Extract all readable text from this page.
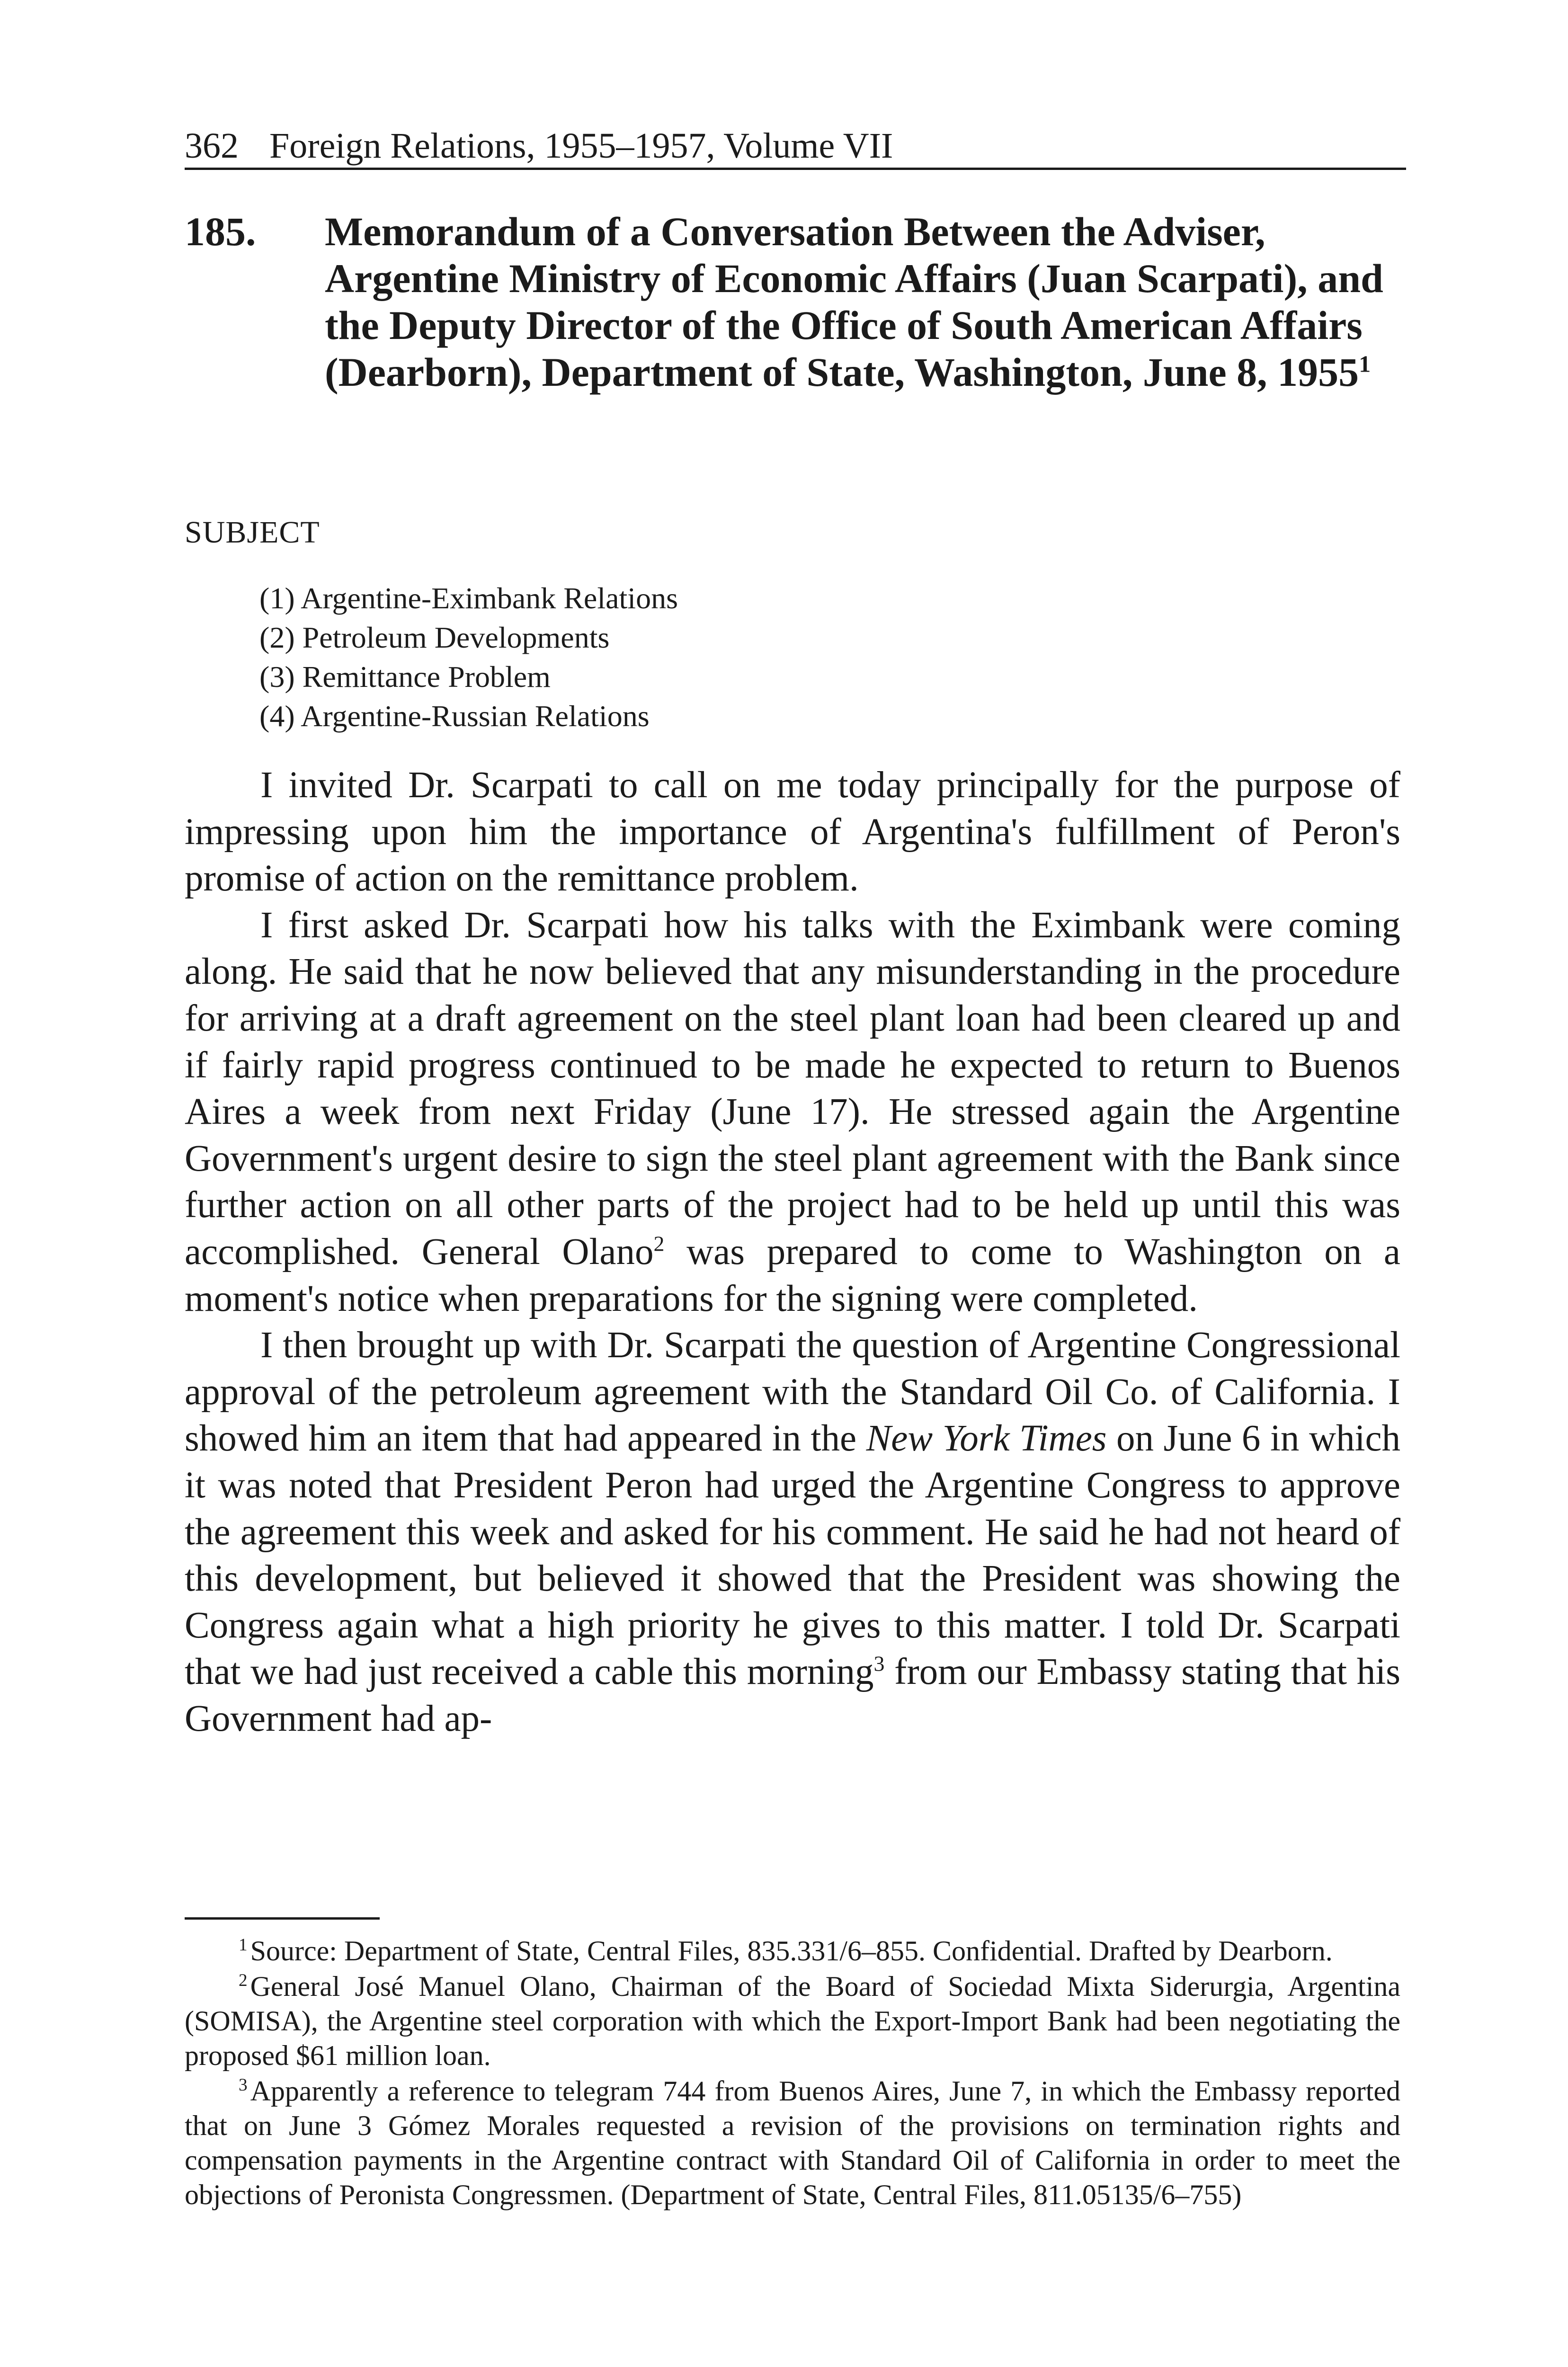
362 Foreign Relations, 1955–1957, Volume VII
185. Memorandum of a Conversation Between the Adviser, Argentine Ministry of Economic Affairs (Juan Scarpati), and the Deputy Director of the Office of South American Affairs (Dearborn), Department of State, Washington, June 8, 1955$^1$
SUBJECT
(1) Argentine-Eximbank Relations
(2) Petroleum Developments
(3) Remittance Problem
(4) Argentine-Russian Relations

I invited Dr. Scarpati to call on me today principally for the purpose of impressing upon him the importance of Argentina's fulfillment of Peron's promise of action on the remittance problem.

I first asked Dr. Scarpati how his talks with the Eximbank were coming along. He said that he now believed that any misunderstanding in the procedure for arriving at a draft agreement on the steel plant loan had been cleared up and if fairly rapid progress continued to be made he expected to return to Buenos Aires a week from next Friday (June 17). He stressed again the Argentine Government's urgent desire to sign the steel plant agreement with the Bank since further action on all other parts of the project had to be held up until this was accomplished. General Olano$^2$ was prepared to come to Washington on a moment's notice when preparations for the signing were completed.

I then brought up with Dr. Scarpati the question of Argentine Congressional approval of the petroleum agreement with the Standard Oil Co. of California. I showed him an item that had appeared in the New York Times on June 6 in which it was noted that President Peron had urged the Argentine Congress to approve the agreement this week and asked for his comment. He said he had not heard of this development, but believed it showed that the President was showing the Congress again what a high priority he gives to this matter. I told Dr. Scarpati that we had just received a cable this morning$^3$ from our Embassy stating that his Government had ap-

$^1$ Source: Department of State, Central Files, 835.331/6–855. Confidential. Drafted by Dearborn.

$^2$ General José Manuel Olano, Chairman of the Board of Sociedad Mixta Siderurgia, Argentina (SOMISA), the Argentine steel corporation with which the Export-Import Bank had been negotiating the proposed $61 million loan.

$^3$ Apparently a reference to telegram 744 from Buenos Aires, June 7, in which the Embassy reported that on June 3 Gómez Morales requested a revision of the provisions on termination rights and compensation payments in the Argentine contract with Standard Oil of California in order to meet the objections of Peronista Congressmen. (Department of State, Central Files, 811.05135/6–755)
